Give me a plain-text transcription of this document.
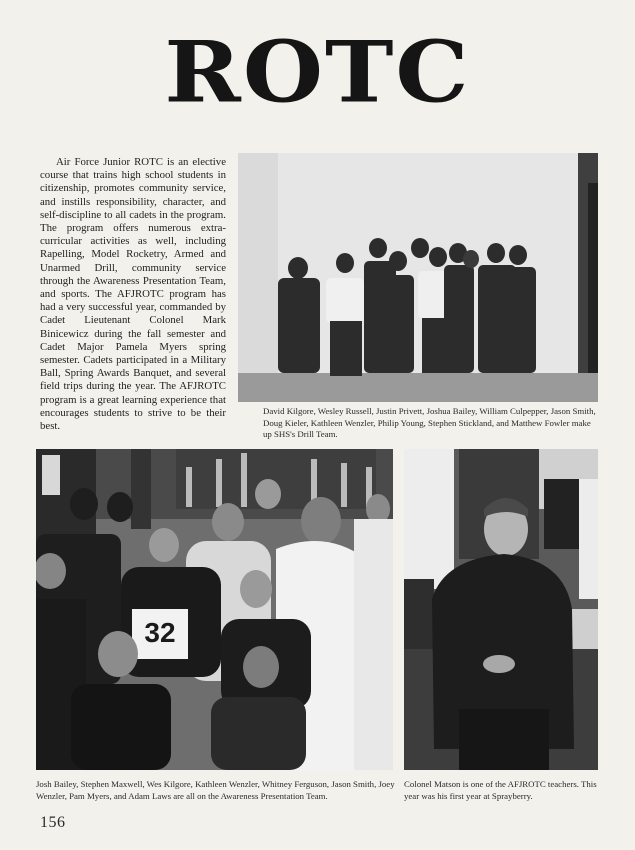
ROTC

Air Force Junior ROTC is an elective course that trains high school students in citizenship, promotes community service, and instills responsibility, character, and self-discipline to all cadets in the program. The program offers numerous extra-curricular activities as well, including Rapelling, Model Rocketry, Armed and Unarmed Drill, community service through the Awareness Presentation Team, and sports. The AFJROTC program has had a very successful year, commanded by Cadet Lieutenant Colonel Mark Binicewicz during the fall semester and Cadet Major Pamela Myers spring semester. Cadets participated in a Military Ball, Spring Awards Banquet, and several field trips during the year. The AFJROTC program is a great learning experience that encourages students to strive to be their best.

David Kilgore, Wesley Russell, Justin Privett, Joshua Bailey, William Culpepper, Jason Smith, Doug Kieler, Kathleen Wenzler, Philip Young, Stephen Stickland, and Matthew Fowler make up SHS's Drill Team.

32

Josh Bailey, Stephen Maxwell, Wes Kilgore, Kathleen Wenzler, Whitney Ferguson, Jason Smith, Joey Wenzler, Pam Myers, and Adam Laws are all on the Awareness Presentation Team.

Colonel Matson is one of the AFJROTC teachers. This year was his first year at Sprayberry.

156
